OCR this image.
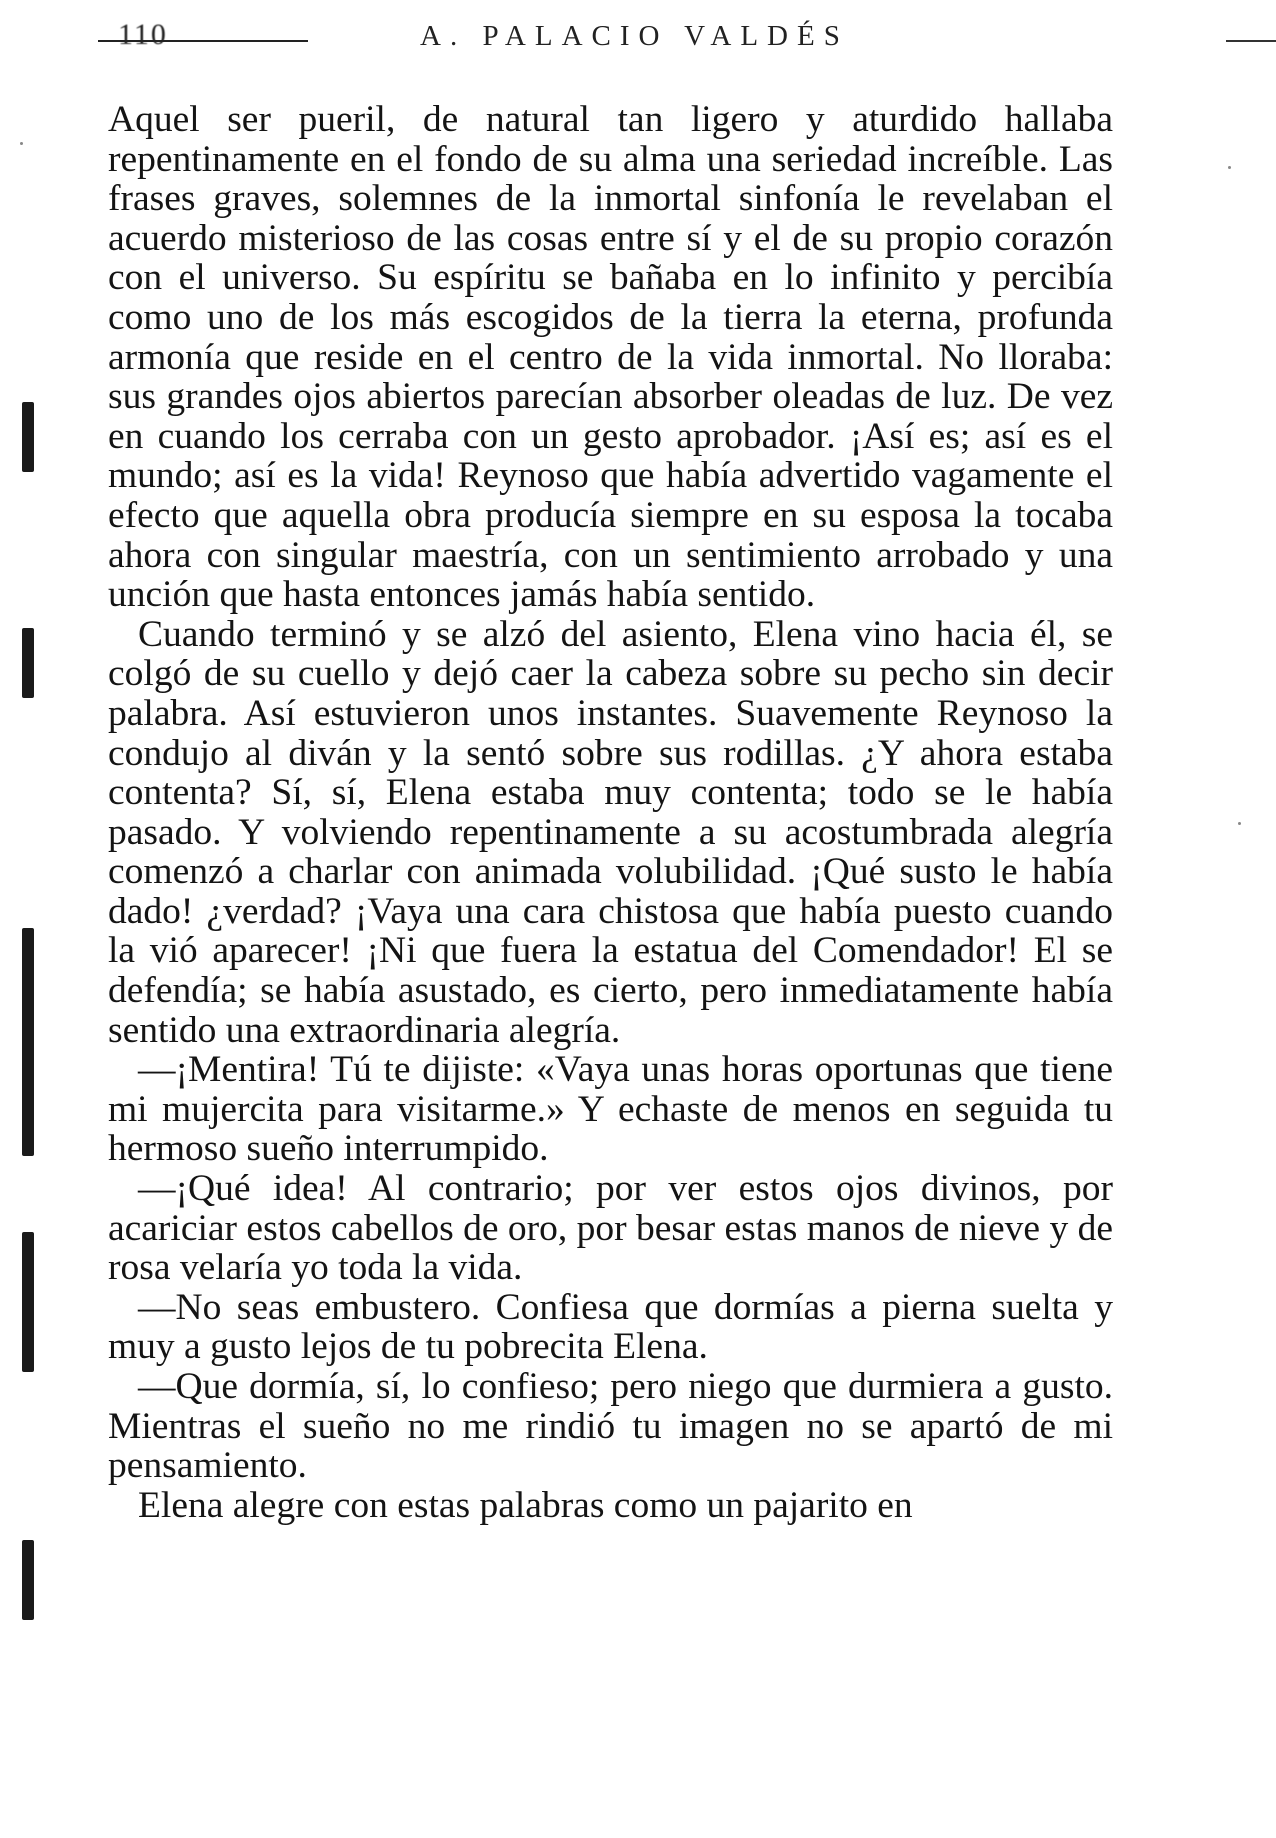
110	A. PALACIO VALDÉS

Aquel ser pueril, de natural tan ligero y aturdido hallaba repentinamente en el fondo de su alma una seriedad increíble. Las frases graves, solemnes de la inmortal sinfonía le revelaban el acuerdo misterioso de las cosas entre sí y el de su propio corazón con el universo. Su espíritu se bañaba en lo infinito y percibía como uno de los más escogidos de la tierra la eterna, profunda armonía que reside en el centro de la vida inmortal. No lloraba: sus grandes ojos abiertos parecían absorber oleadas de luz. De vez en cuando los cerraba con un gesto aprobador. ¡Así es; así es el mundo; así es la vida! Reynoso que había advertido vagamente el efecto que aquella obra producía siempre en su esposa la tocaba ahora con singular maestría, con un sentimiento arrobado y una unción que hasta entonces jamás había sentido.

Cuando terminó y se alzó del asiento, Elena vino hacia él, se colgó de su cuello y dejó caer la cabeza sobre su pecho sin decir palabra. Así estuvieron unos instantes. Suavemente Reynoso la condujo al diván y la sentó sobre sus rodillas. ¿Y ahora estaba contenta? Sí, sí, Elena estaba muy contenta; todo se le había pasado. Y volviendo repentinamente a su acostumbrada alegría comenzó a charlar con animada volubilidad. ¡Qué susto le había dado! ¿verdad? ¡Vaya una cara chistosa que había puesto cuando la vió aparecer! ¡Ni que fuera la estatua del Comendador! El se defendía; se había asustado, es cierto, pero inmediatamente había sentido una extraordinaria alegría.

—¡Mentira! Tú te dijiste: «Vaya unas horas oportunas que tiene mi mujercita para visitarme.» Y echaste de menos en seguida tu hermoso sueño interrumpido.

—¡Qué idea! Al contrario; por ver estos ojos divinos, por acariciar estos cabellos de oro, por besar estas manos de nieve y de rosa velaría yo toda la vida.

—No seas embustero. Confiesa que dormías a pierna suelta y muy a gusto lejos de tu pobrecita Elena.

—Que dormía, sí, lo confieso; pero niego que durmiera a gusto. Mientras el sueño no me rindió tu imagen no se apartó de mi pensamiento.

Elena alegre con estas palabras como un pajarito en
